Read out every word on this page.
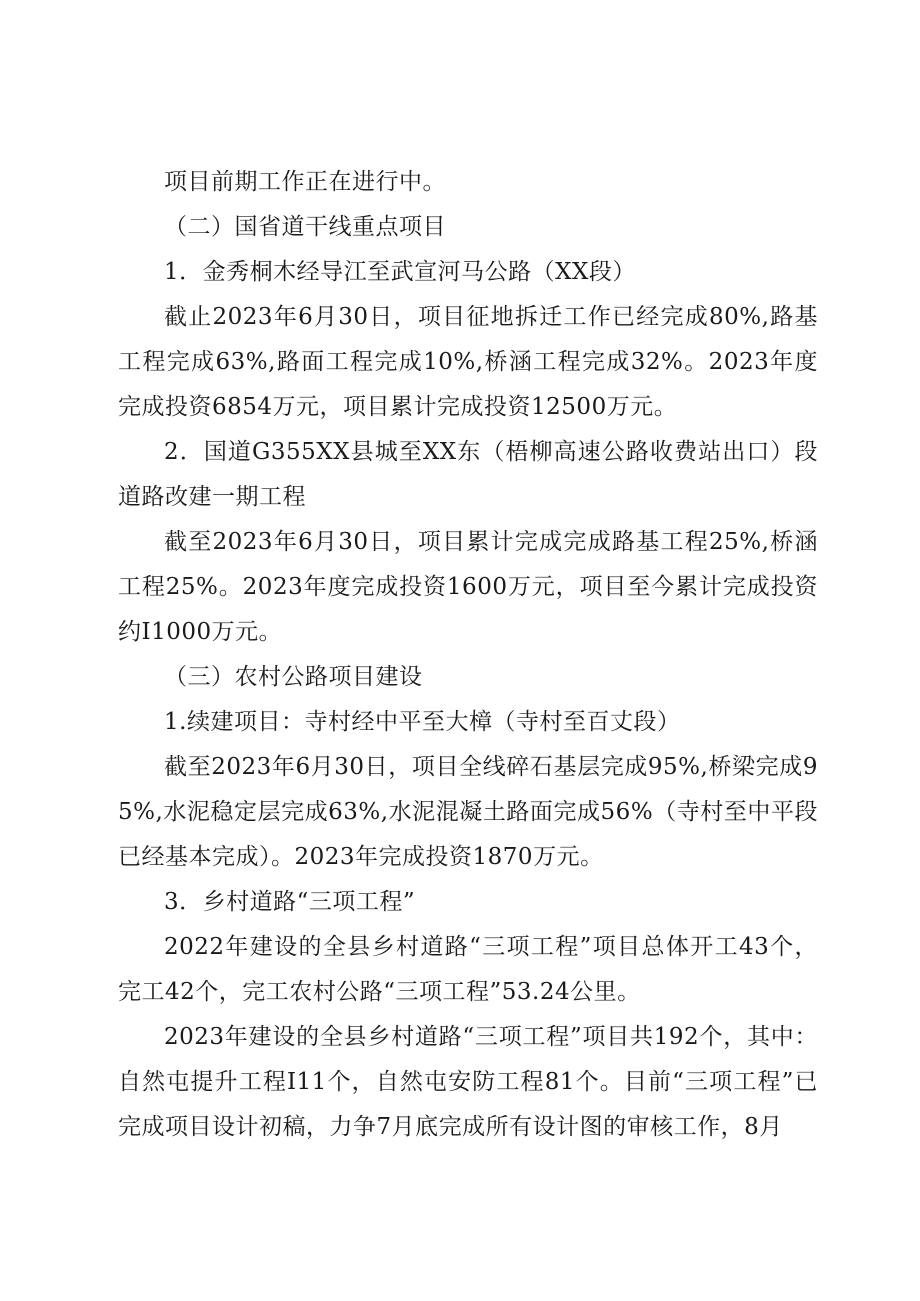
项目前期工作正在进行中。

（二）国省道干线重点项目

1．金秀桐木经导江至武宣河马公路（XX段）

截止2023年6月30日，项目征地拆迁工作已经完成80%,路基工程完成63%,路面工程完成10%,桥涵工程完成32%。2023年度完成投资6854万元，项目累计完成投资12500万元。

2．国道G355XX县城至XX东（梧柳高速公路收费站出口）段道路改建一期工程

截至2023年6月30日，项目累计完成完成路基工程25%,桥涵工程25%。2023年度完成投资1600万元，项目至今累计完成投资约I1000万元。

（三）农村公路项目建设

1.续建项目：寺村经中平至大樟（寺村至百丈段）

截至2023年6月30日，项目全线碎石基层完成95%,桥梁完成95%,水泥稳定层完成63%,水泥混凝土路面完成56%（寺村至中平段已经基本完成）。2023年完成投资1870万元。

3．乡村道路“三项工程”

2022年建设的全县乡村道路“三项工程”项目总体开工43个，完工42个，完工农村公路“三项工程”53.24公里。

2023年建设的全县乡村道路“三项工程”项目共192个，其中：自然屯提升工程I11个，自然屯安防工程81个。目前“三项工程”已完成项目设计初稿，力争7月底完成所有设计图的审核工作，8月
